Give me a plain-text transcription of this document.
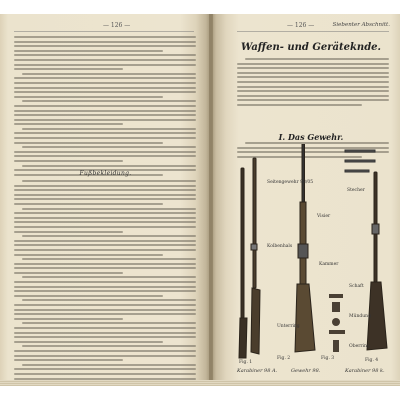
— 126 —
Fußbekleidung.
— 126 —	Siebenter Abschnitt.
Waffen- und Geräteknde.
I. Das Gewehr.
Seitengewehr 98/05
Kolbenhals
Visier
Kammer
Stecher
Schaft
Mündung
Oberring
Unterring
Fig. 1
Fig. 2	Fig. 3	Fig. 4
Karabiner 98 A.	Gewehr 98.	Karabiner 98 k.
